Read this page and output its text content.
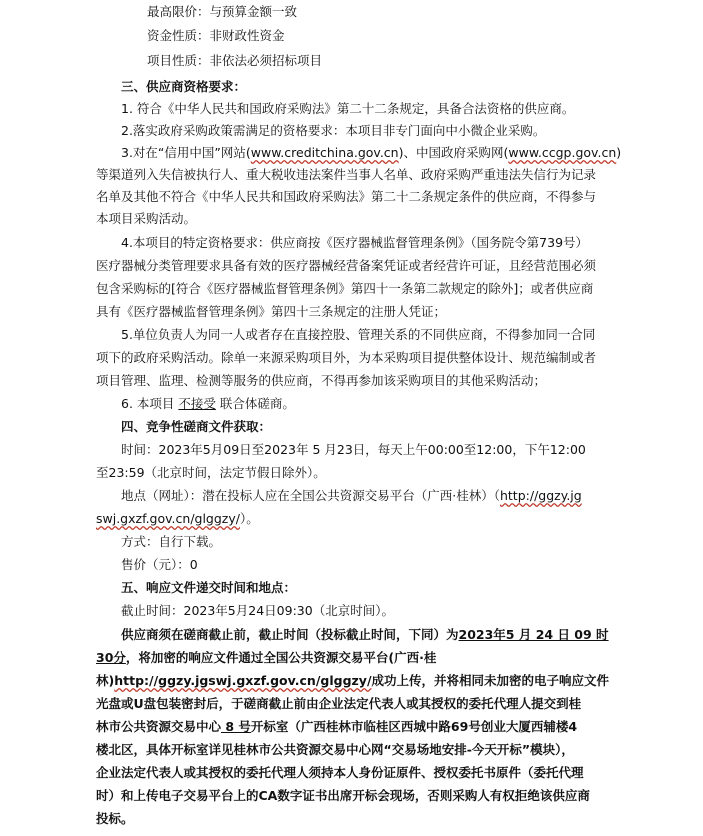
最高限价：与预算金额一致
资金性质：非财政性资金
项目性质：非依法必须招标项目
三、供应商资格要求：
1. 符合《中华人民共和国政府采购法》第二十二条规定，具备合法资格的供应商。
2.落实政府采购政策需满足的资格要求：本项目非专门面向中小微企业采购。
3.对在“信用中国”网站(www.creditchina.gov.cn)、中国政府采购网(www.ccgp.gov.cn)
等渠道列入失信被执行人、重大税收违法案件当事人名单、政府采购严重违法失信行为记录
名单及其他不符合《中华人民共和国政府采购法》第二十二条规定条件的供应商，不得参与
本项目采购活动。
4.本项目的特定资格要求：供应商按《医疗器械监督管理条例》（国务院令第739号）
医疗器械分类管理要求具备有效的医疗器械经营备案凭证或者经营许可证，且经营范围必须
包含采购标的[符合《医疗器械监督管理条例》第四十一条第二款规定的除外]；或者供应商
具有《医疗器械监督管理条例》第四十三条规定的注册人凭证；
5.单位负责人为同一人或者存在直接控股、管理关系的不同供应商，不得参加同一合同
项下的政府采购活动。除单一来源采购项目外，为本采购项目提供整体设计、规范编制或者
项目管理、监理、检测等服务的供应商，不得再参加该采购项目的其他采购活动；
6. 本项目 不接受 联合体磋商。
四、竞争性磋商文件获取：
时间：2023年5月09日至2023年 5 月23日，每天上午00:00至12:00，下午12:00
至23:59（北京时间，法定节假日除外）。
地点（网址）：潜在投标人应在全国公共资源交易平台（广西·桂林）（http://ggzy.jg
swj.gxzf.gov.cn/glggzy/）。
方式：自行下载。
售价（元）：0
五、响应文件递交时间和地点：
截止时间：2023年5月24日09:30（北京时间）。
供应商须在磋商截止前，截止时间（投标截止时间，下同）为2023年5 月 24 日 09 时
30分，将加密的响应文件通过全国公共资源交易平台(广西·桂
林)http://ggzy.jgswj.gxzf.gov.cn/glggzy/成功上传，并将相同未加密的电子响应文件
光盘或U盘包装密封后，于磋商截止前由企业法定代表人或其授权的委托代理人提交到桂
林市公共资源交易中心 8 号开标室（广西桂林市临桂区西城中路69号创业大厦西辅楼4
楼北区，具体开标室详见桂林市公共资源交易中心网“交易场地安排-今天开标”模块），
企业法定代表人或其授权的委托代理人须持本人身份证原件、授权委托书原件（委托代理
时）和上传电子交易平台上的CA数字证书出席开标会现场，否则采购人有权拒绝该供应商
投标。
